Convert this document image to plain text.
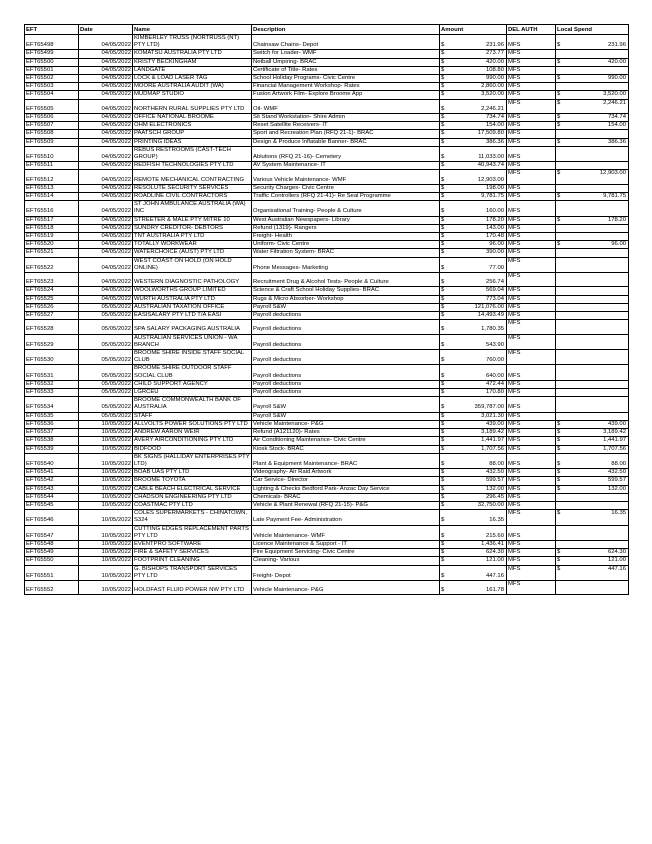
EFT	Date	Name	Description	Amount	DEL AUTH	Local Spend
EFT65498	04/05/2022	KIMBERLEY TRUSS (NORTRUSS (NT) PTY LTD)	Chainsaw Chains- Depot	$ 231.96	MFS	$ 231.96

EFT65499	04/05/2022	KOMATSU AUSTRALIA PTY LTD	Switch for Loader- WMF	$ 273.77	MFS	
EFT65500	04/05/2022	KRISTY BECKINGHAM	Netball Umpiring- BRAC	$ 420.00	MFS	$ 420.00

EFT65501	04/05/2022	LANDGATE	Certificate of Title- Rates	$ 108.80	MFS	
EFT65502	04/05/2022	LOCK & LOAD LASER TAG	School Holiday Programs- Civic Centre	$ 990.00	MFS	$ 990.00

EFT65503	04/05/2022	MOORE AUSTRALIA AUDIT (WA)	Financial Management Workshop- Rates	$ 2,860.00	MFS	
EFT65504	04/05/2022	MUDMAP STUDIO	Fusion Artwork Film- Explore Broome App	$ 3,520.00	MFS	$ 3,520.00

EFT65505	04/05/2022	NORTHERN RURAL SUPPLIES PTY LTD	Oil- WMF	$ 2,246.21	MFS	$ 2,246.21

EFT65506	04/05/2022	OFFICE NATIONAL BROOME	Sit Stand Workstation- Shire Admin	$ 734.74	MFS	$ 734.74

EFT65507	04/05/2022	OHM ELECTRONICS	Reset Satellite Receivers- IT	$ 154.00	MFS	$ 154.00

EFT65508	04/05/2022	PAATSCH GROUP	Sport and Recreation Plan (RFQ 21-1)- BRAC	$ 17,509.80	MFS	
EFT65509	04/05/2022	PRINTING IDEAS	Design & Produce Inflatable Banner- BRAC	$ 386.36	MFS	$ 386.36

EFT65510	04/05/2022	REBUS RESTROOMS (CAST-TECH GROUP)	Ablutions (RFQ 21-16)- Cemetery	$ 11,033.00	MFS	
EFT65511	04/05/2022	REDFISH TECHNOLOGIES PTY LTD	AV System Maintenance- IT	$ 40,943.74	MFS	
EFT65512	04/05/2022	REMOTE MECHANICAL CONTRACTING	Various Vehicle Maintenance- WMF	$ 12,903.00	MFS	$ 12,903.00

EFT65513	04/05/2022	RESOLUTE SECURITY SERVICES	Security Charges- Civic Centre	$ 198.00	MFS	
EFT65514	04/05/2022	ROADLINE CIVIL CONTRACTORS	Traffic Controllers (RFQ 21-41)- Re Seal Programme	$ 9,781.75	MFS	$ 9,781.75

EFT65516	04/05/2022	ST JOHN AMBULANCE AUSTRALIA (WA) INC	Organisational Training- People & Culture	$ 160.00	MFS	
EFT65517	04/05/2022	STREETER & MALE PTY MITRE 10	West Australian Newspapers- Library	$ 178.20	MFS	$ 178.20

EFT65518	04/05/2022	SUNDRY CREDITOR- DEBTORS	Refund (1319)- Rangers	$ 143.00	MFS	
EFT65519	04/05/2022	TNT AUSTRALIA PTY LTD	Freight- Health	$ 170.48	MFS	
EFT65520	04/05/2022	TOTALLY WORKWEAR	Uniform- Civic Centre	$ 96.00	MFS	$ 96.00

EFT65521	04/05/2022	WATERCHOICE (AUST) PTY LTD	Water Filtration System- BRAC	$ 390.00	MFS	
EFT65522	04/05/2022	WEST COAST ON HOLD (ON HOLD ONLINE)	Phone Messages- Marketing	$ 77.00	MFS	
EFT65523	04/05/2022	WESTERN DIAGNOSTIC PATHOLOGY	Recruitment Drug & Alcohol Tests- People & Culture	$ 256.74	MFS	
EFT65524	04/05/2022	WOOLWORTHS GROUP LIMITED	Science & Craft School Holiday Supplies- BRAC	$ 569.04	MFS	
EFT65525	04/05/2022	WURTH AUSTRALIA PTY LTD	Rugs & Micro Absorber- Workshop	$ 773.04	MFS	
EFT65526	05/05/2022	AUSTRALIAN TAXATION OFFICE	Payroll S&W	$ 121,076.00	MFS	
EFT65527	05/05/2022	EASISALARY PTY LTD T/A EASI	Payroll deductions	$ 14,493.49	MFS	
EFT65528	05/05/2022	SPA SALARY PACKAGING AUSTRALIA	Payroll deductions	$ 1,780.35	MFS	
EFT65529	05/05/2022	AUSTRALIAN SERVICES UNION - WA BRANCH	Payroll deductions	$ 543.90	MFS	
EFT65530	05/05/2022	BROOME SHIRE INSIDE STAFF SOCIAL CLUB	Payroll deductions	$ 760.00	MFS	
EFT65531	05/05/2022	BROOME SHIRE OUTDOOR STAFF SOCIAL CLUB	Payroll deductions	$ 640.00	MFS	
EFT65532	05/05/2022	CHILD SUPPORT AGENCY	Payroll deductions	$ 472.44	MFS	
EFT65533	05/05/2022	LGRCEU	Payroll deductions	$ 170.80	MFS	
EFT65534	05/05/2022	BROOME COMMONWEALTH BANK OF AUSTRALIA	Payroll S&W	$ 359,787.00	MFS	
EFT65535	05/05/2022	STAFF	Payroll S&W	$ 3,021.30	MFS	
EFT65536	10/05/2022	ALLVOLTS POWER SOLUTIONS PTY LTD	Vehicle Maintenance- P&G	$ 439.00	MFS	$ 439.00

EFT65537	10/05/2022	ANDREW AARON WEIR	Refund (A121120)- Rates	$ 3,189.42	MFS	$ 3,189.42

EFT65538	10/05/2022	AVERY AIRCONDITIONING PTY LTD	Air Conditioning Maintenance- Civic Centre	$ 1,441.97	MFS	$ 1,441.97

EFT65539	10/05/2022	BIDFOOD	Kiosk Stock- BRAC	$ 1,707.56	MFS	$ 1,707.56

EFT65540	10/05/2022	BK SIGNS (HALLIDAY ENTERPRISES PTY LTD)	Plant & Equipment Maintenance- BRAC	$ 88.00	MFS	$ 88.00

EFT65541	10/05/2022	BOAB UAS PTY LTD	Videography- Air Raid Artwork	$ 432.50	MFS	$ 432.50

EFT65542	10/05/2022	BROOME TOYOTA	Car Service- Director	$ 599.57	MFS	$ 599.57

EFT65543	10/05/2022	CABLE BEACH ELECTRICAL SERVICE	Lighting & Checks Bedford Park- Anzac Day Service	$ 132.00	MFS	$ 132.00

EFT65544	10/05/2022	CHADSON ENGINEERING PTY LTD	Chemicals- BRAC	$ 296.45	MFS	
EFT65545	10/05/2022	COASTMAC PTY LTD	Vehicle & Plant Renewal (RFQ 21-15)- P&G	$ 32,750.00	MFS	
EFT65546	10/05/2022	COLES SUPERMARKETS - CHINATOWN, S324	Late Payment Fee- Administration	$ 16.35	MFS	$ 16.35

EFT65547	10/05/2022	CUTTING EDGES REPLACEMENT PARTS PTY LTD	Vehicle Maintenance- WMF	$ 215.60	MFS	
EFT65548	10/05/2022	EVENTPRO SOFTWARE	Licence Maintenance & Support - IT	$ 1,436.41	MFS	
EFT65549	10/05/2022	FIRE & SAFETY SERVICES	Fire Equipment Servicing- Civic Centre	$ 624.30	MFS	$ 624.30

EFT65550	10/05/2022	FOOTPRINT CLEANING	Cleaning- Various	$ 121.00	MFS	$ 121.00

EFT65551	10/05/2022	G. BISHOPS TRANSPORT SERVICES PTY LTD	Freight- Depot	$ 447.16	MFS	$ 447.16

EFT65552	10/05/2022	HOLDFAST FLUID POWER NW PTY LTD	Vehicle Maintenance- P&G	$ 161.78	MFS	
